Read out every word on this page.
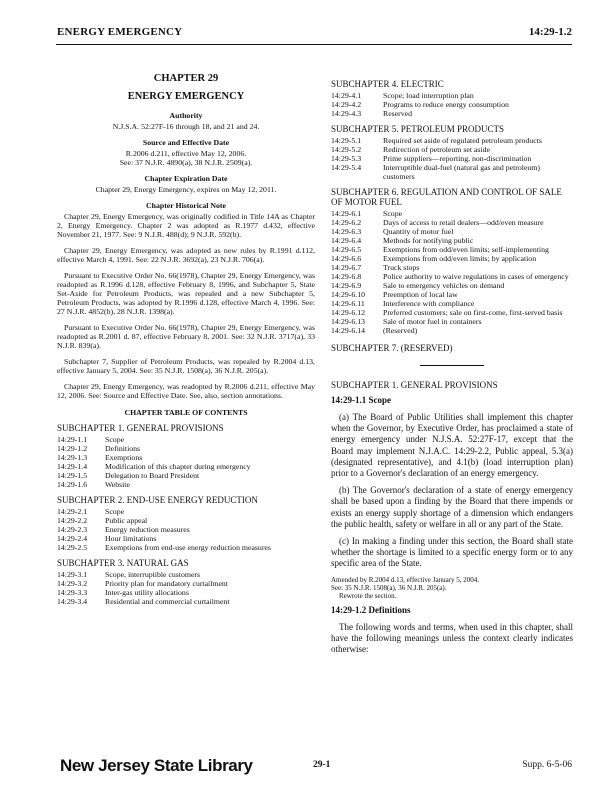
ENERGY EMERGENCY	14:29-1.2
CHAPTER 29
ENERGY EMERGENCY
Authority
N.J.S.A. 52:27F-16 through 18, and 21 and 24.
Source and Effective Date
R.2006 d.211, effective May 12, 2006.
See: 37 N.J.R. 4890(a), 38 N.J.R. 2509(a).
Chapter Expiration Date
Chapter 29, Energy Emergency, expires on May 12, 2011.
Chapter Historical Note
Chapter 29, Energy Emergency, was originally codified in Title 14A as Chapter 2, Energy Emergency. Chapter 2 was adopted as R.1977 d.432, effective November 21, 1977. See: 9 N.J.R. 488(d); 9 N.J.R. 592(b).
Chapter 29, Energy Emergency, was adopted as new rules by R.1991 d.112, effective March 4, 1991. See: 22 N.J.R. 3692(a), 23 N.J.R. 706(a).
Pursuant to Executive Order No. 66(1978), Chapter 29, Energy Emergency, was readopted as R.1996 d.128, effective February 8, 1996, and Subchapter 5, State Set-Aside for Petroleum Products, was repealed and a new Subchapter 5, Petroleum Products, was adopted by R.1996 d.128, effective March 4, 1996. See: 27 N.J.R. 4852(b), 28 N.J.R. 1398(a).
Pursuant to Executive Order No. 66(1978), Chapter 29, Energy Emergency, was readopted as R.2001 d. 87, effective February 8, 2001. See: 32 N.J.R. 3717(a), 33 N.J.R. 839(a).
Subchapter 7, Supplier of Petroleum Products, was repealed by R.2004 d.13, effective January 5, 2004. See: 35 N.J.R. 1508(a), 36 N.J.R. 205(a).
Chapter 29, Energy Emergency, was readopted by R.2006 d.211, effective May 12, 2006. See: Source and Effective Date. See, also, section annotations.
CHAPTER TABLE OF CONTENTS
SUBCHAPTER 1. GENERAL PROVISIONS
14:29-1.1	Scope
14:29-1.2	Definitions
14:29-1.3	Exemptions
14:29-1.4	Modification of this chapter during emergency
14:29-1.5	Delegation to Board President
14:29-1.6	Website
SUBCHAPTER 2. END-USE ENERGY REDUCTION
14:29-2.1	Scope
14:29-2.2	Public appeal
14:29-2.3	Energy reduction measures
14:29-2.4	Hour limitations
14:29-2.5	Exemptions from end-use energy reduction measures
SUBCHAPTER 3. NATURAL GAS
14:29-3.1	Scope, interruptible customers
14:29-3.2	Priority plan for mandatory curtailment
14:29-3.3	Inter-gas utility allocations
14:29-3.4	Residential and commercial curtailment
SUBCHAPTER 4. ELECTRIC
14:29-4.1	Scope; load interruption plan
14:29-4.2	Programs to reduce energy consumption
14:29-4.3	Reserved
SUBCHAPTER 5. PETROLEUM PRODUCTS
14:29-5.1	Required set aside of regulated petroleum products
14:29-5.2	Redirection of petroleum set aside
14:29-5.3	Prime suppliers—reporting, non-discrimination
14:29-5.4	Interruptible dual-fuel (natural gas and petroleum) customers
SUBCHAPTER 6. REGULATION AND CONTROL OF SALE OF MOTOR FUEL
14:29-6.1	Scope
14:29-6.2	Days of access to retail dealers—odd/even measure
14:29-6.3	Quantity of motor fuel
14:29-6.4	Methods for notifying public
14:29-6.5	Exemptions from odd/even limits; self-implementing
14:29-6.6	Exemptions from odd/even limits; by application
14:29-6.7	Truck stops
14:29-6.8	Police authority to waive regulations in cases of emergency
14:29-6.9	Sale to emergency vehicles on demand
14:29-6.10	Preemption of local law
14:29-6.11	Interference with compliance
14:29-6.12	Preferred customers; sale on first-come, first-served basis
14:29-6.13	Sale of motor fuel in containers
14:29-6.14	(Reserved)
SUBCHAPTER 7. (RESERVED)
SUBCHAPTER 1. GENERAL PROVISIONS
14:29-1.1 Scope
(a) The Board of Public Utilities shall implement this chapter when the Governor, by Executive Order, has proclaimed a state of energy emergency under N.J.S.A. 52:27F-17, except that the Board may implement N.J.A.C. 14:29-2.2, Public appeal, 5.3(a) (designated representative), and 4.1(b) (load interruption plan) prior to a Governor's declaration of an energy emergency.
(b) The Governor's declaration of a state of energy emergency shall be based upon a finding by the Board that there impends or exists an energy supply shortage of a dimension which endangers the public health, safety or welfare in all or any part of the State.
(c) In making a finding under this section, the Board shall state whether the shortage is limited to a specific energy form or to any specific area of the State.
Amended by R.2004 d.13, effective January 5, 2004.
See: 35 N.J.R. 1508(a), 36 N.J.R. 205(a).
Rewrote the section.
14:29-1.2 Definitions
The following words and terms, when used in this chapter, shall have the following meanings unless the context clearly indicates otherwise:
New Jersey State Library	29-1	Supp. 6-5-06
